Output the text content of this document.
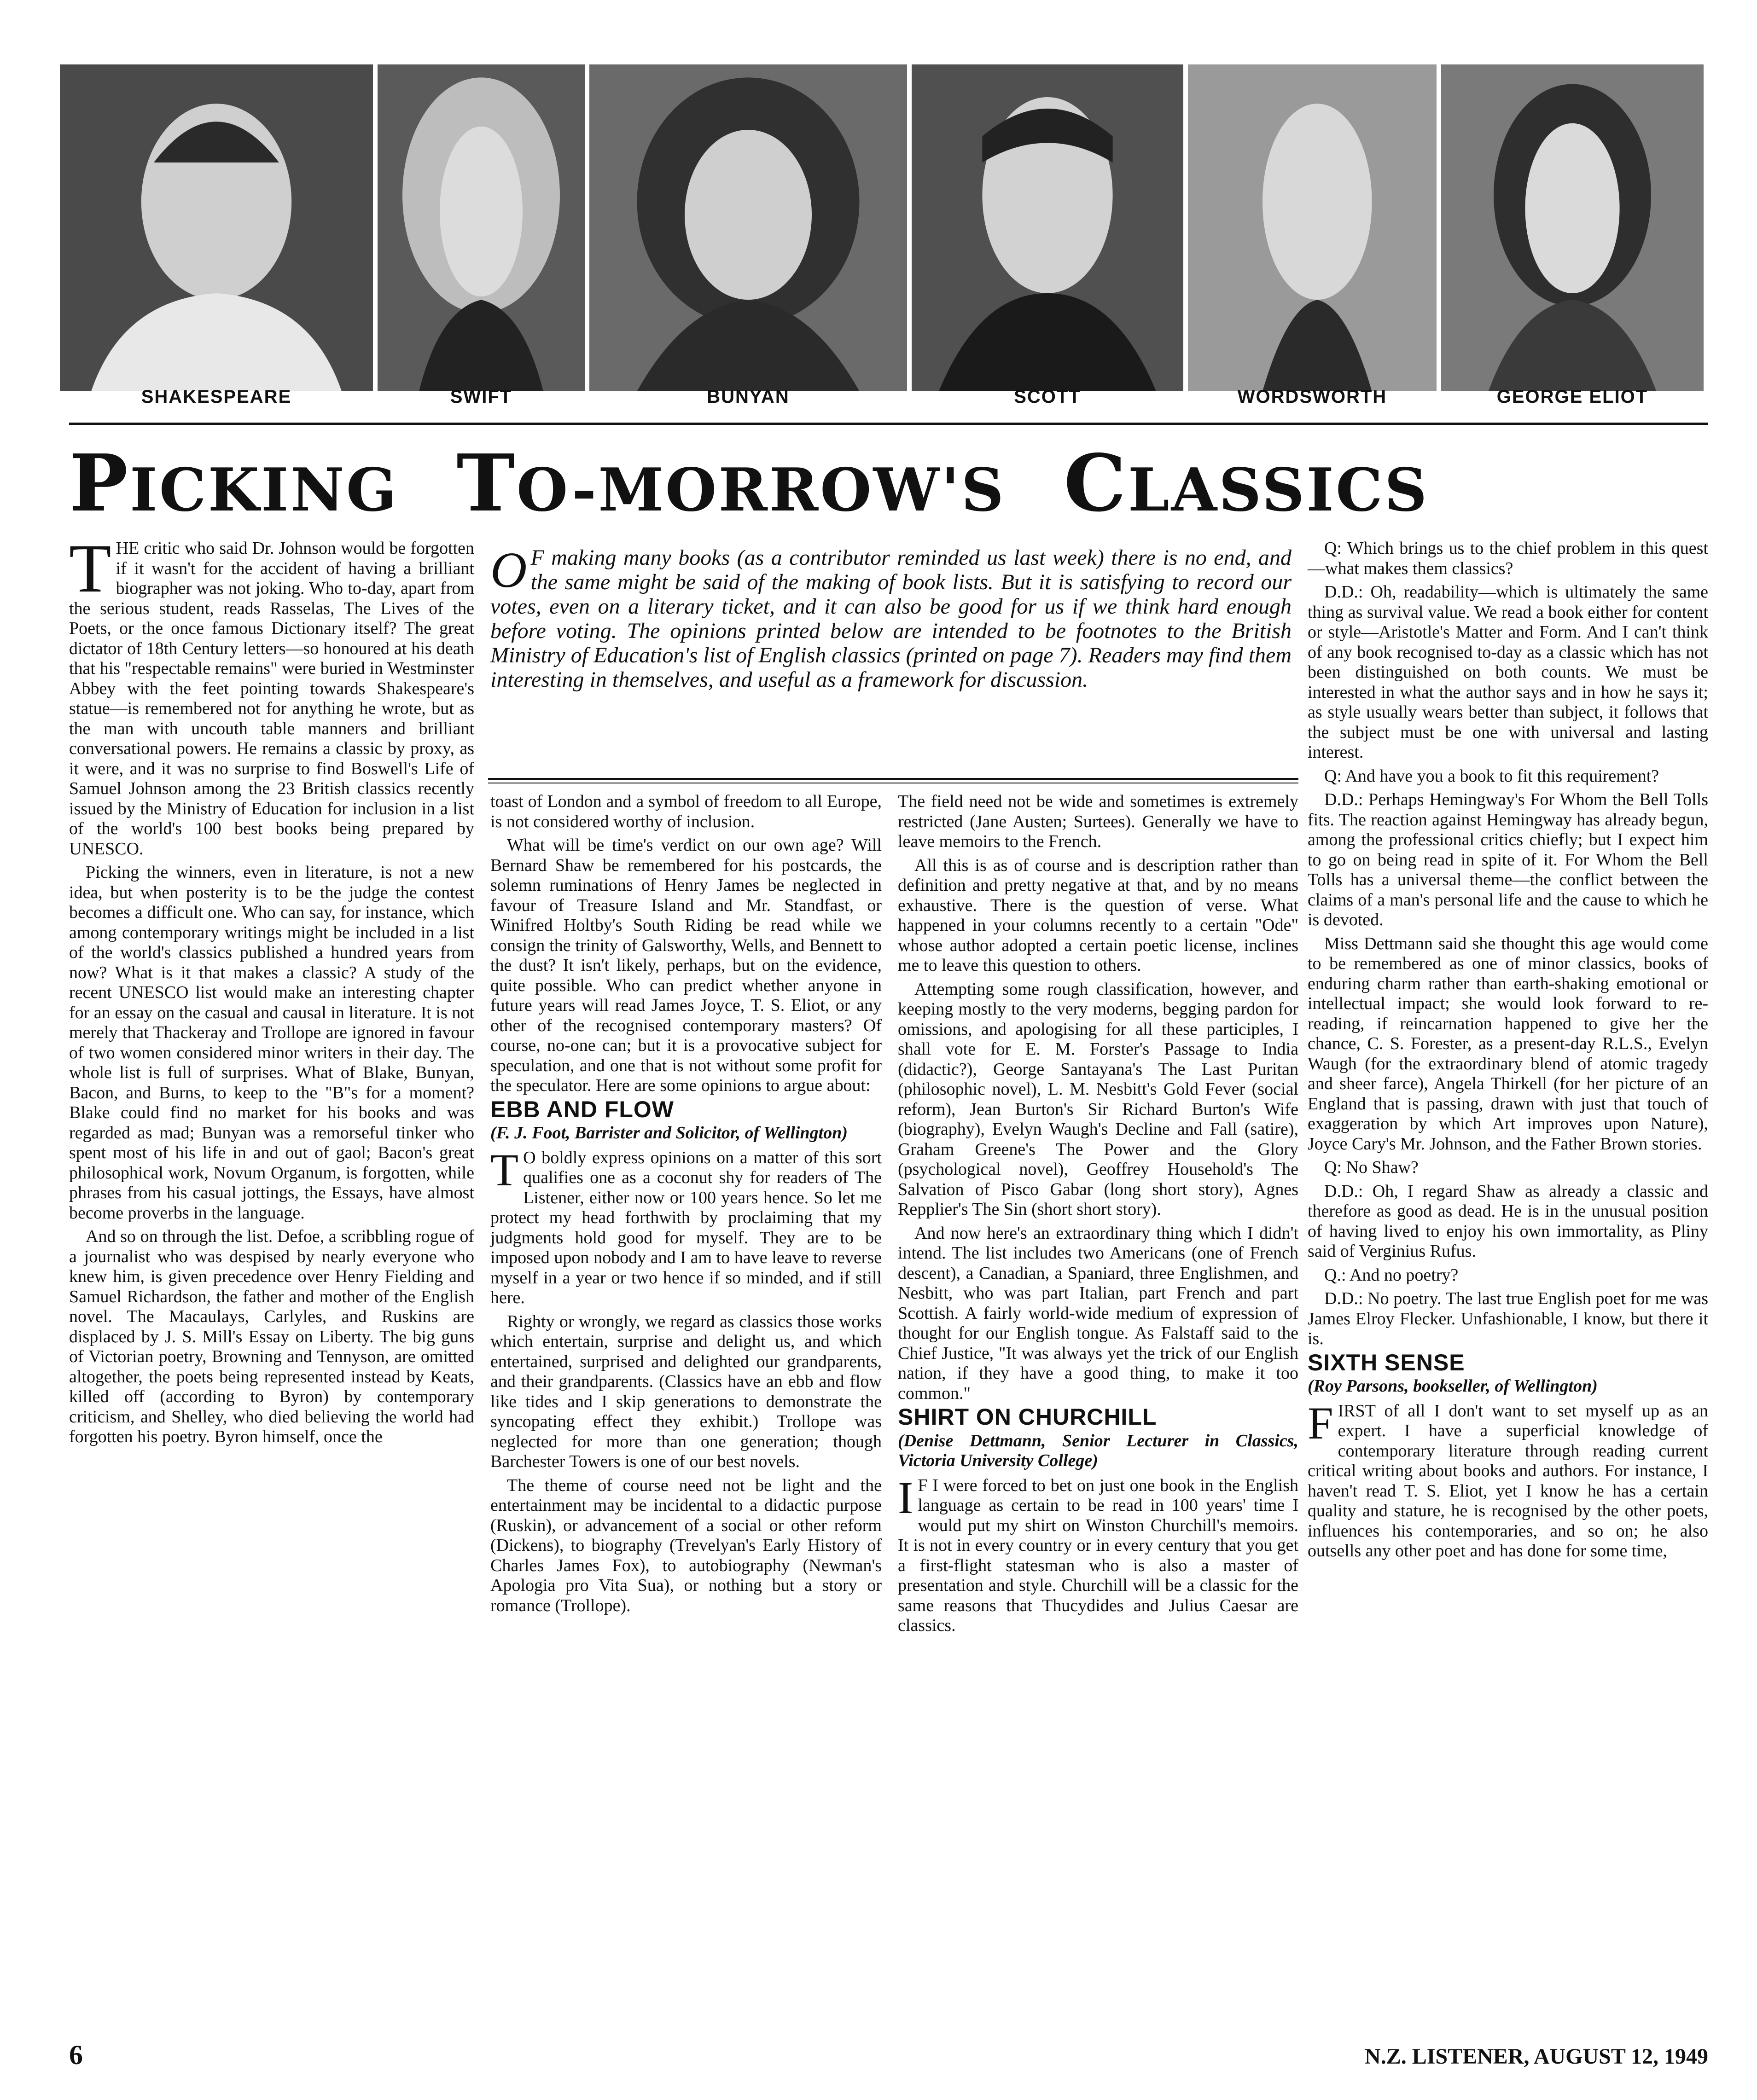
SHAKESPEARE	SWIFT	BUNYAN	SCOTT	WORDSWORTH	GEORGE ELIOT
PICKING TO-MORROW'S CLASSICS
O F making many books (as a contributor reminded us last week) there is no end, and the same might be said of the making of book lists. But it is satisfying to record our votes, even on a literary ticket, and it can also be good for us if we think hard enough before voting. The opinions printed below are intended to be footnotes to the British Ministry of Education's list of English classics (printed on page 7). Readers may find them interesting in themselves, and useful as a framework for discussion.

THE critic who said Dr. Johnson would be forgotten if it wasn't for the accident of having a brilliant biographer was not joking. Who to-day, apart from the serious student, reads Rasselas, The Lives of the Poets, or the once famous Dictionary itself? The great dictator of 18th Century letters—so honoured at his death that his "respectable remains" were buried in Westminster Abbey with the feet pointing towards Shakespeare's statue—is remembered not for anything he wrote, but as the man with uncouth table manners and brilliant conversational powers. He remains a classic by proxy, as it were, and it was no surprise to find Boswell's Life of Samuel Johnson among the 23 British classics recently issued by the Ministry of Education for inclusion in a list of the world's 100 best books being prepared by UNESCO.

Picking the winners, even in literature, is not a new idea, but when posterity is to be the judge the contest becomes a difficult one. Who can say, for instance, which among contemporary writings might be included in a list of the world's classics published a hundred years from now? What is it that makes a classic? A study of the recent UNESCO list would make an interesting chapter for an essay on the casual and causal in literature. It is not merely that Thackeray and Trollope are ignored in favour of two women considered minor writers in their day. The whole list is full of surprises. What of Blake, Bunyan, Bacon, and Burns, to keep to the "B"s for a moment? Blake could find no market for his books and was regarded as mad; Bunyan was a remorseful tinker who spent most of his life in and out of gaol; Bacon's great philosophical work, Novum Organum, is forgotten, while phrases from his casual jottings, the Essays, have almost become proverbs in the language.

And so on through the list. Defoe, a scribbling rogue of a journalist who was despised by nearly everyone who knew him, is given precedence over Henry Fielding and Samuel Richardson, the father and mother of the English novel. The Macaulays, Carlyles, and Ruskins are displaced by J. S. Mill's Essay on Liberty. The big guns of Victorian poetry, Browning and Tennyson, are omitted altogether, the poets being represented instead by Keats, killed off (according to Byron) by contemporary criticism, and Shelley, who died believing the world had forgotten his poetry. Byron himself, once the

toast of London and a symbol of freedom to all Europe, is not considered worthy of inclusion.

What will be time's verdict on our own age? Will Bernard Shaw be remembered for his postcards, the solemn ruminations of Henry James be neglected in favour of Treasure Island and Mr. Standfast, or Winifred Holtby's South Riding be read while we consign the trinity of Galsworthy, Wells, and Bennett to the dust? It isn't likely, perhaps, but on the evidence, quite possible. Who can predict whether anyone in future years will read James Joyce, T. S. Eliot, or any other of the recognised contemporary masters? Of course, no-one can; but it is a provocative subject for speculation, and one that is not without some profit for the speculator. Here are some opinions to argue about:

EBB AND FLOW

(F. J. Foot, Barrister and Solicitor, of Wellington)

T O boldly express opinions on a matter of this sort qualifies one as a coconut shy for readers of The Listener, either now or 100 years hence. So let me protect my head forthwith by proclaiming that my judgments hold good for myself. They are to be imposed upon nobody and I am to have leave to reverse myself in a year or two hence if so minded, and if still here.

Righty or wrongly, we regard as classics those works which entertain, surprise and delight us, and which entertained, surprised and delighted our grandparents, and their grandparents. (Classics have an ebb and flow like tides and I skip generations to demonstrate the syncopating effect they exhibit.) Trollope was neglected for more than one generation; though Barchester Towers is one of our best novels.

The theme of course need not be light and the entertainment may be incidental to a didactic purpose (Ruskin), or advancement of a social or other reform (Dickens), to biography (Trevelyan's Early History of Charles James Fox), to autobiography (Newman's Apologia pro Vita Sua), or nothing but a story or romance (Trollope).

The field need not be wide and sometimes is extremely restricted (Jane Austen; Surtees). Generally we have to leave memoirs to the French.

All this is as of course and is description rather than definition and pretty negative at that, and by no means exhaustive. There is the question of verse. What happened in your columns recently to a certain "Ode" whose author adopted a certain poetic license, inclines me to leave this question to others.

Attempting some rough classification, however, and keeping mostly to the very moderns, begging pardon for omissions, and apologising for all these participles, I shall vote for E. M. Forster's Passage to India (didactic?), George Santayana's The Last Puritan (philosophic novel), L. M. Nesbitt's Gold Fever (social reform), Jean Burton's Sir Richard Burton's Wife (biography), Evelyn Waugh's Decline and Fall (satire), Graham Greene's The Power and the Glory (psychological novel), Geoffrey Household's The Salvation of Pisco Gabar (long short story), Agnes Repplier's The Sin (short short story).

And now here's an extraordinary thing which I didn't intend. The list includes two Americans (one of French descent), a Canadian, a Spaniard, three Englishmen, and Nesbitt, who was part Italian, part French and part Scottish. A fairly world-wide medium of expression of thought for our English tongue. As Falstaff said to the Chief Justice, "It was always yet the trick of our English nation, if they have a good thing, to make it too common."

SHIRT ON CHURCHILL

(Denise Dettmann, Senior Lecturer in Classics, Victoria University College)

I F I were forced to bet on just one book in the English language as certain to be read in 100 years' time I would put my shirt on Winston Churchill's memoirs. It is not in every country or in every century that you get a first-flight statesman who is also a master of presentation and style. Churchill will be a classic for the same reasons that Thucydides and Julius Caesar are classics.

Q: Which brings us to the chief problem in this quest—what makes them classics?

D.D.: Oh, readability—which is ultimately the same thing as survival value. We read a book either for content or style—Aristotle's Matter and Form. And I can't think of any book recognised to-day as a classic which has not been distinguished on both counts. We must be interested in what the author says and in how he says it; as style usually wears better than subject, it follows that the subject must be one with universal and lasting interest.

Q: And have you a book to fit this requirement?

D.D.: Perhaps Hemingway's For Whom the Bell Tolls fits. The reaction against Hemingway has already begun, among the professional critics chiefly; but I expect him to go on being read in spite of it. For Whom the Bell Tolls has a universal theme—the conflict between the claims of a man's personal life and the cause to which he is devoted.

Miss Dettmann said she thought this age would come to be remembered as one of minor classics, books of enduring charm rather than earth-shaking emotional or intellectual impact; she would look forward to re-reading, if reincarnation happened to give her the chance, C. S. Forester, as a present-day R.L.S., Evelyn Waugh (for the extraordinary blend of atomic tragedy and sheer farce), Angela Thirkell (for her picture of an England that is passing, drawn with just that touch of exaggeration by which Art improves upon Nature), Joyce Cary's Mr. Johnson, and the Father Brown stories.

Q: No Shaw?

D.D.: Oh, I regard Shaw as already a classic and therefore as good as dead. He is in the unusual position of having lived to enjoy his own immortality, as Pliny said of Verginius Rufus.

Q.: And no poetry?

D.D.: No poetry. The last true English poet for me was James Elroy Flecker. Unfashionable, I know, but there it is.

SIXTH SENSE

(Roy Parsons, bookseller, of Wellington)

FIRST of all I don't want to set myself up as an expert. I have a superficial knowledge of contemporary literature through reading current critical writing about books and authors. For instance, I haven't read T. S. Eliot, yet I know he has a certain quality and stature, he is recognised by the other poets, influences his contemporaries, and so on; he also outsells any other poet and has done for some time,

6	N.Z. LISTENER, AUGUST 12, 1949
